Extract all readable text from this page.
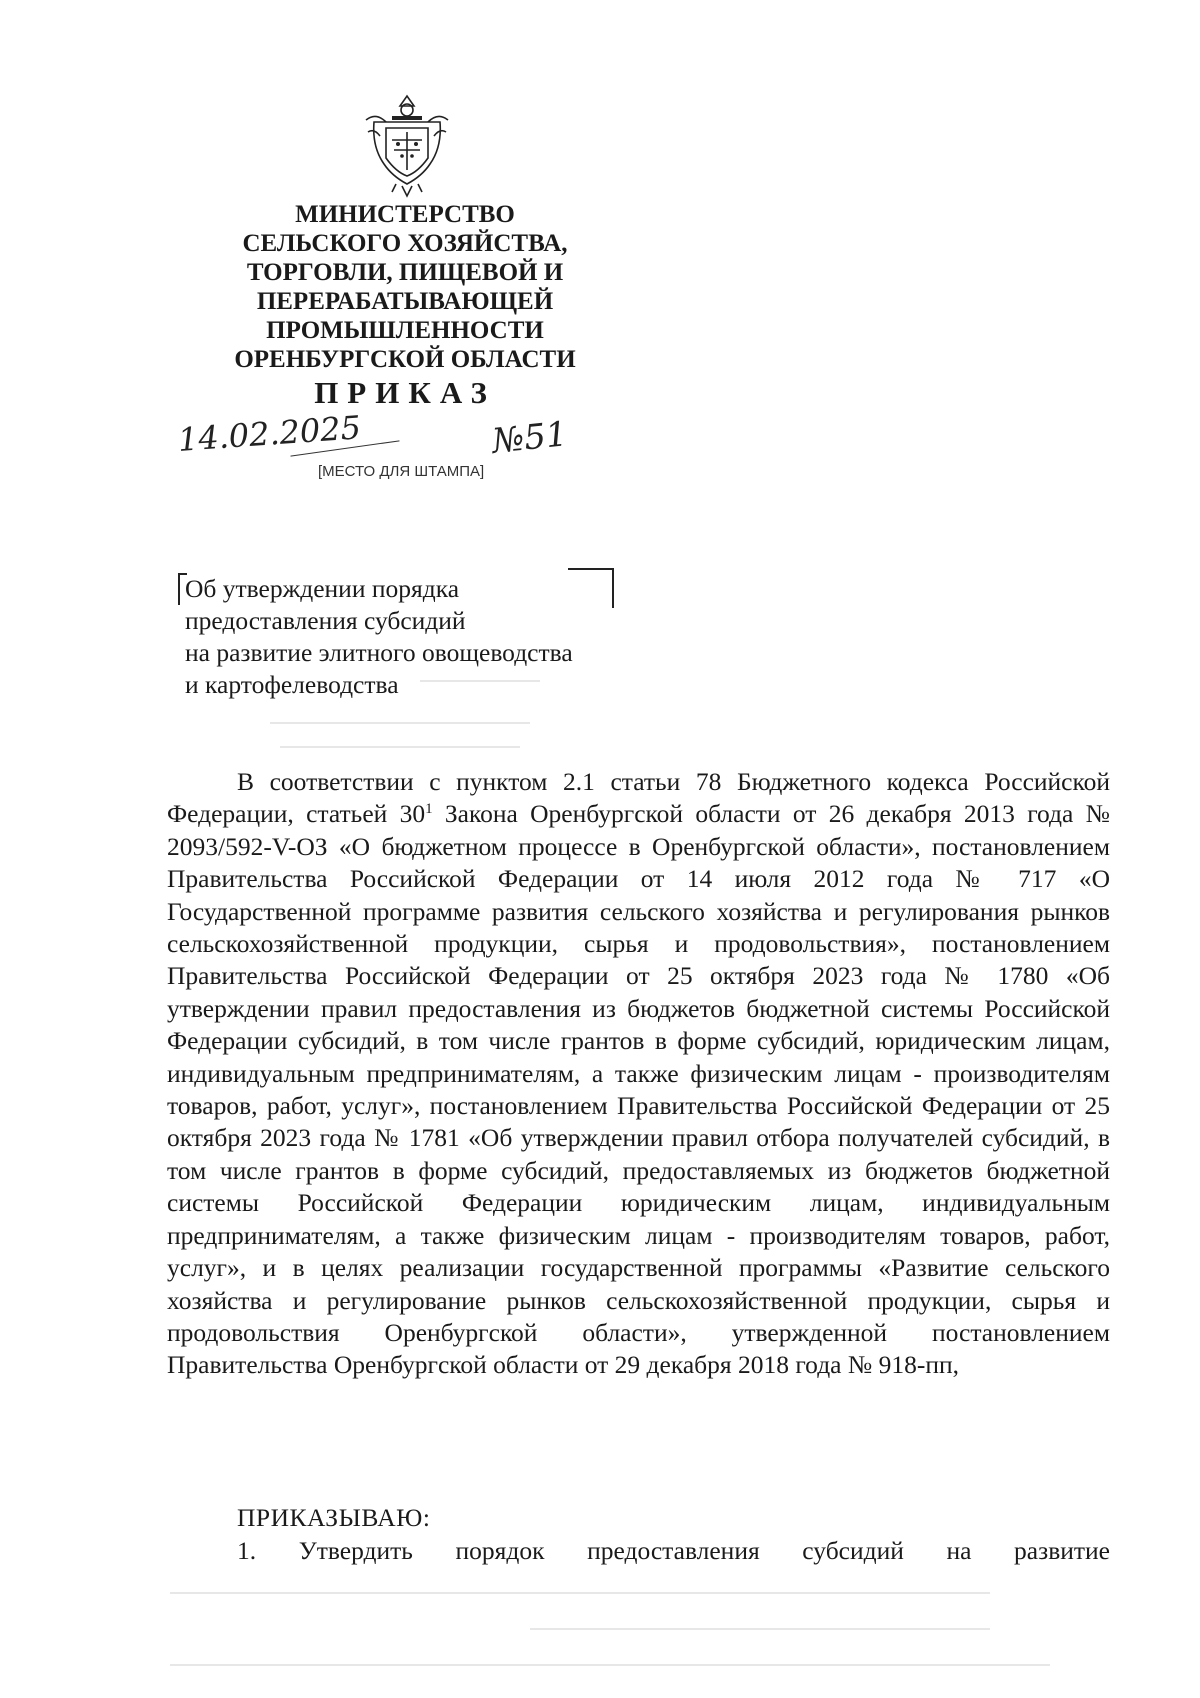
МИНИСТЕРСТВО
СЕЛЬСКОГО ХОЗЯЙСТВА,
ТОРГОВЛИ, ПИЩЕВОЙ И
ПЕРЕРАБАТЫВАЮЩЕЙ
ПРОМЫШЛЕННОСТИ
ОРЕНБУРГСКОЙ ОБЛАСТИ
ПРИКАЗ
14.02.2025	№51
[МЕСТО ДЛЯ ШТАМПА]
Об утверждении порядка
предоставления субсидий
на развитие элитного овощеводства
и картофелеводства

В соответствии с пунктом 2.1 статьи 78 Бюджетного кодекса Российской Федерации, статьей $30^1$ Закона Оренбургской области от 26 декабря 2013 года № 2093/592-V-ОЗ «О бюджетном процессе в Оренбургской области», постановлением Правительства Российской Федерации от 14 июля 2012 года № 717 «О Государственной программе развития сельского хозяйства и регулирования рынков сельскохозяйственной продукции, сырья и продовольствия», постановлением Правительства Российской Федерации от 25 октября 2023 года № 1780 «Об утверждении правил предоставления из бюджетов бюджетной системы Российской Федерации субсидий, в том числе грантов в форме субсидий, юридическим лицам, индивидуальным предпринимателям, а также физическим лицам - производителям товаров, работ, услуг», постановлением Правительства Российской Федерации от 25 октября 2023 года № 1781 «Об утверждении правил отбора получателей субсидий, в том числе грантов в форме субсидий, предоставляемых из бюджетов бюджетной системы Российской Федерации юридическим лицам, индивидуальным предпринимателям, а также физическим лицам - производителям товаров, работ, услуг», и в целях реализации государственной программы «Развитие сельского хозяйства и регулирование рынков сельскохозяйственной продукции, сырья и продовольствия Оренбургской области», утвержденной постановлением Правительства Оренбургской области от 29 декабря 2018 года № 918-пп,

ПРИКАЗЫВАЮ:
1. Утвердить порядок предоставления субсидий на развитие
